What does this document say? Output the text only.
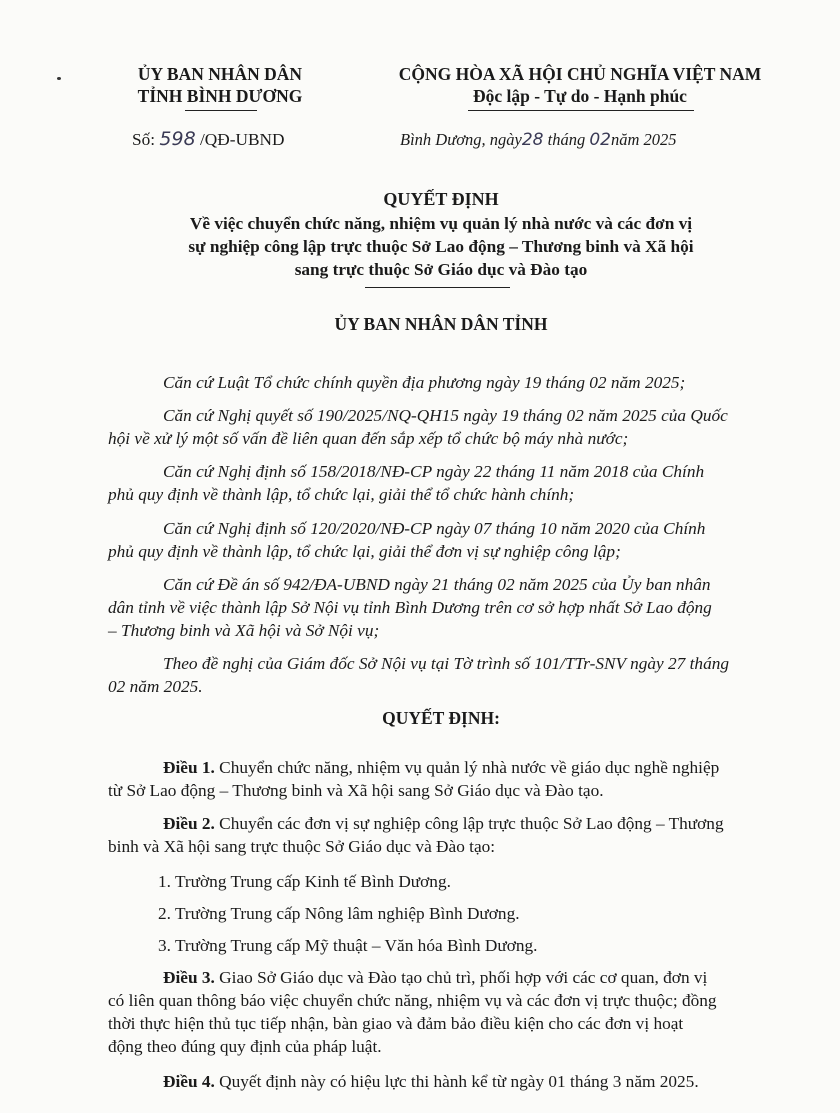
ỦY BAN NHÂN DÂN
TỈNH BÌNH DƯƠNG
CỘNG HÒA XÃ HỘI CHỦ NGHĨA VIỆT NAM
Độc lập - Tự do - Hạnh phúc
Số: 598 /QĐ-UBND	Bình Dương, ngày28 tháng 02năm 2025
QUYẾT ĐỊNH
Về việc chuyển chức năng, nhiệm vụ quản lý nhà nước và các đơn vị
sự nghiệp công lập trực thuộc Sở Lao động – Thương binh và Xã hội
sang trực thuộc Sở Giáo dục và Đào tạo
ỦY BAN NHÂN DÂN TỈNH
Căn cứ Luật Tổ chức chính quyền địa phương ngày 19 tháng 02 năm 2025;
Căn cứ Nghị quyết số 190/2025/NQ-QH15 ngày 19 tháng 02 năm 2025 của Quốc
hội về xử lý một số vấn đề liên quan đến sắp xếp tổ chức bộ máy nhà nước;
Căn cứ Nghị định số 158/2018/NĐ-CP ngày 22 tháng 11 năm 2018 của Chính
phủ quy định về thành lập, tổ chức lại, giải thể tổ chức hành chính;
Căn cứ Nghị định số 120/2020/NĐ-CP ngày 07 tháng 10 năm 2020 của Chính
phủ quy định về thành lập, tổ chức lại, giải thể đơn vị sự nghiệp công lập;
Căn cứ Đề án số 942/ĐA-UBND ngày 21 tháng 02 năm 2025 của Ủy ban nhân
dân tỉnh về việc thành lập Sở Nội vụ tỉnh Bình Dương trên cơ sở hợp nhất Sở Lao động
– Thương binh và Xã hội và Sở Nội vụ;
Theo đề nghị của Giám đốc Sở Nội vụ tại Tờ trình số 101/TTr-SNV ngày 27 tháng
02 năm 2025.
QUYẾT ĐỊNH:
Điều 1. Chuyển chức năng, nhiệm vụ quản lý nhà nước về giáo dục nghề nghiệp
từ Sở Lao động – Thương binh và Xã hội sang Sở Giáo dục và Đào tạo.
Điều 2. Chuyển các đơn vị sự nghiệp công lập trực thuộc Sở Lao động – Thương
binh và Xã hội sang trực thuộc Sở Giáo dục và Đào tạo:
1. Trường Trung cấp Kinh tế Bình Dương.
2. Trường Trung cấp Nông lâm nghiệp Bình Dương.
3. Trường Trung cấp Mỹ thuật – Văn hóa Bình Dương.
Điều 3. Giao Sở Giáo dục và Đào tạo chủ trì, phối hợp với các cơ quan, đơn vị
có liên quan thông báo việc chuyển chức năng, nhiệm vụ và các đơn vị trực thuộc; đồng
thời thực hiện thủ tục tiếp nhận, bàn giao và đảm bảo điều kiện cho các đơn vị hoạt
động theo đúng quy định của pháp luật.
Điều 4. Quyết định này có hiệu lực thi hành kể từ ngày 01 tháng 3 năm 2025.
